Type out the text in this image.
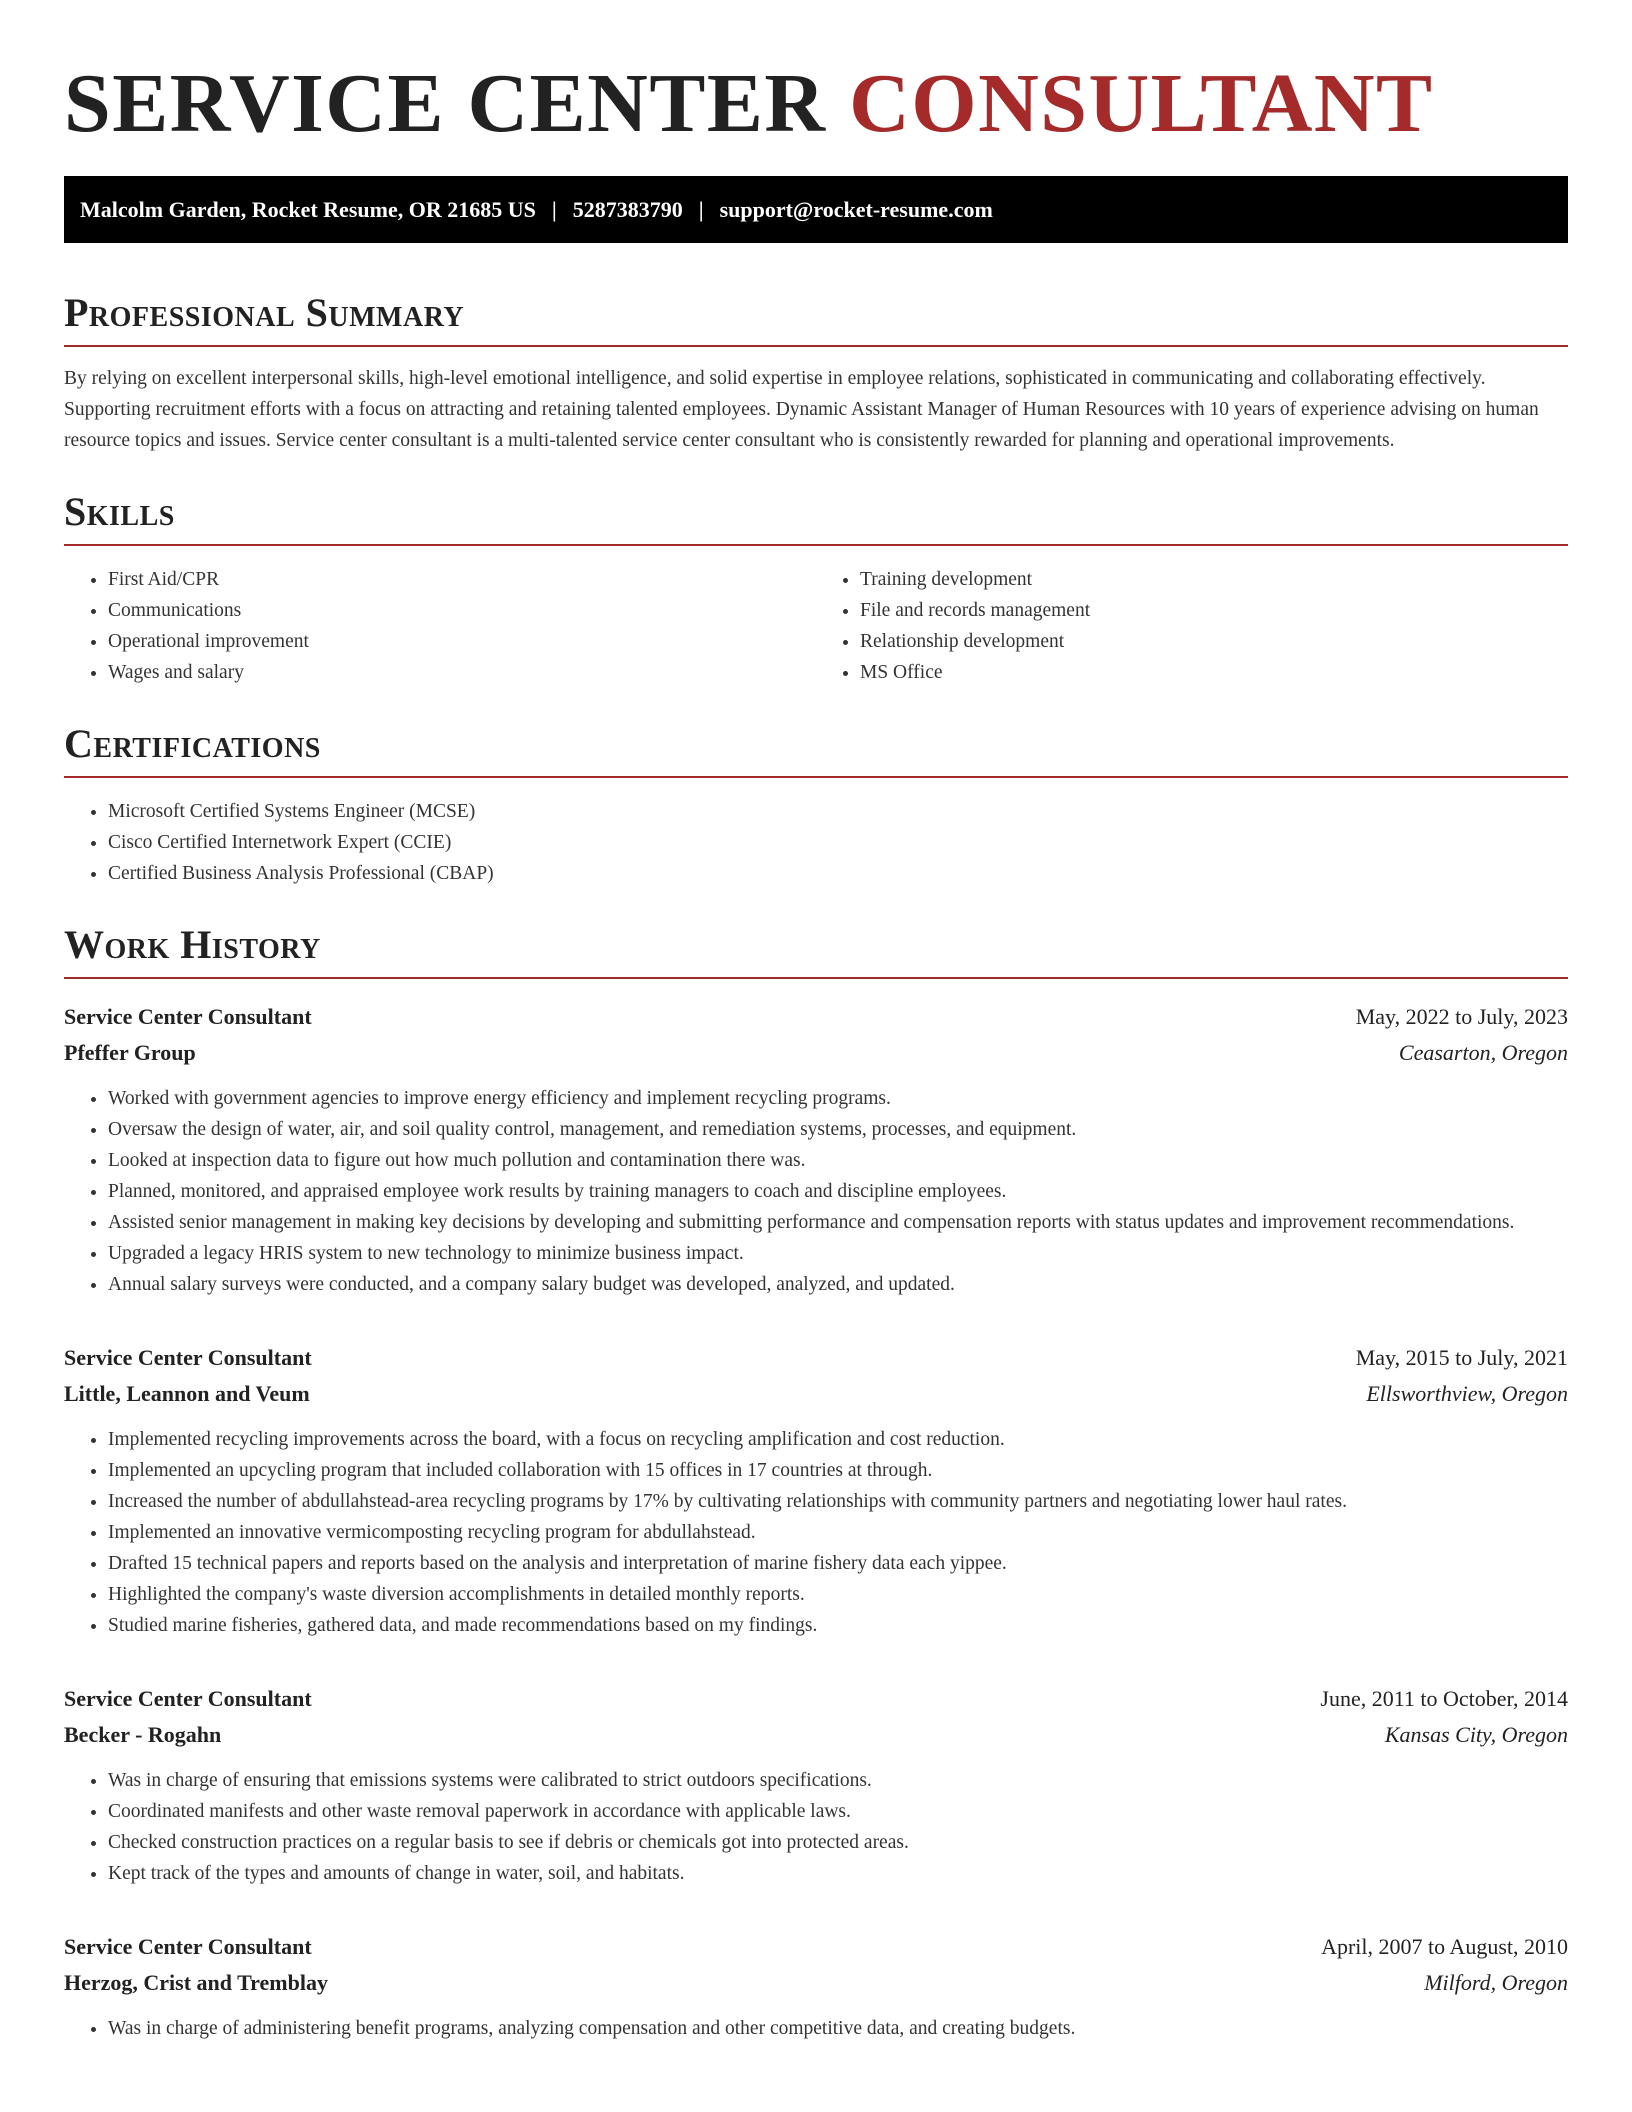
SERVICE CENTER CONSULTANT
Malcolm Garden, Rocket Resume, OR 21685 US | 5287383790 | support@rocket-resume.com
Professional Summary

By relying on excellent interpersonal skills, high-level emotional intelligence, and solid expertise in employee relations, sophisticated in communicating and collaborating effectively. Supporting recruitment efforts with a focus on attracting and retaining talented employees. Dynamic Assistant Manager of Human Resources with 10 years of experience advising on human resource topics and issues. Service center consultant is a multi-talented service center consultant who is consistently rewarded for planning and operational improvements.

Skills
• First Aid/CPR
• Communications
• Operational improvement
• Wages and salary
• Training development
• File and records management
• Relationship development
• MS Office
Certifications
• Microsoft Certified Systems Engineer (MCSE)
• Cisco Certified Internetwork Expert (CCIE)
• Certified Business Analysis Professional (CBAP)
Work History
Service Center Consultant	May, 2022 to July, 2023
Pfeffer Group	Ceasarton, Oregon
• Worked with government agencies to improve energy efficiency and implement recycling programs.
• Oversaw the design of water, air, and soil quality control, management, and remediation systems, processes, and equipment.
• Looked at inspection data to figure out how much pollution and contamination there was.
• Planned, monitored, and appraised employee work results by training managers to coach and discipline employees.
• Assisted senior management in making key decisions by developing and submitting performance and compensation reports with status updates and improvement recommendations.
• Upgraded a legacy HRIS system to new technology to minimize business impact.
• Annual salary surveys were conducted, and a company salary budget was developed, analyzed, and updated.
Service Center Consultant	May, 2015 to July, 2021
Little, Leannon and Veum	Ellsworthview, Oregon
• Implemented recycling improvements across the board, with a focus on recycling amplification and cost reduction.
• Implemented an upcycling program that included collaboration with 15 offices in 17 countries at through.
• Increased the number of abdullahstead-area recycling programs by 17% by cultivating relationships with community partners and negotiating lower haul rates.
• Implemented an innovative vermicomposting recycling program for abdullahstead.
• Drafted 15 technical papers and reports based on the analysis and interpretation of marine fishery data each yippee.
• Highlighted the company's waste diversion accomplishments in detailed monthly reports.
• Studied marine fisheries, gathered data, and made recommendations based on my findings.
Service Center Consultant	June, 2011 to October, 2014
Becker - Rogahn	Kansas City, Oregon
• Was in charge of ensuring that emissions systems were calibrated to strict outdoors specifications.
• Coordinated manifests and other waste removal paperwork in accordance with applicable laws.
• Checked construction practices on a regular basis to see if debris or chemicals got into protected areas.
• Kept track of the types and amounts of change in water, soil, and habitats.
Service Center Consultant	April, 2007 to August, 2010
Herzog, Crist and Tremblay	Milford, Oregon
• Was in charge of administering benefit programs, analyzing compensation and other competitive data, and creating budgets.
